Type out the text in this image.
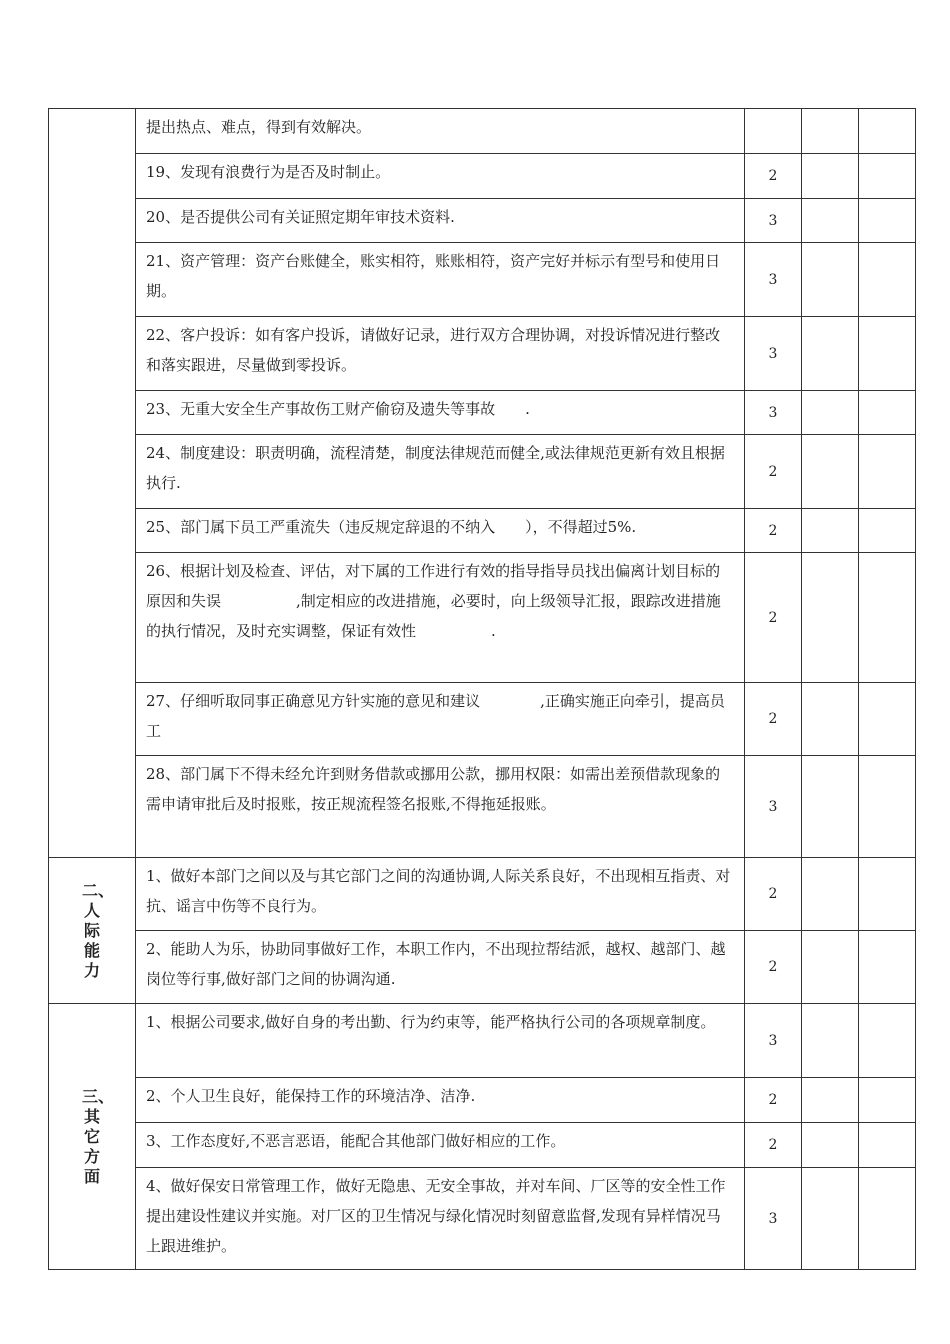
	提出热点、难点，得到有效解决。			
	19、发现有浪费行为是否及时制止。	2		
	20、是否提供公司有关证照定期年审技术资料.	3		
	21、资产管理：资产台账健全，账实相符，账账相符，资产完好并标示有型号和使用日期。	3		
	22、客户投诉：如有客户投诉，请做好记录，进行双方合理协调，对投诉情况进行整改和落实跟进，尽量做到零投诉。	3		
	23、无重大安全生产事故伤工财产偷窃及遗失等事故　　.	3		
	24、制度建设：职责明确，流程清楚，制度法律规范而健全,或法律规范更新有效且根据执行.	2		
	25、部门属下员工严重流失（违反规定辞退的不纳入　　），不得超过5%.	2		
	26、根据计划及检查、评估，对下属的工作进行有效的指导指导员找出偏离计划目标的原因和失误　　　　　,制定相应的改进措施，必要时，向上级领导汇报，跟踪改进措施的执行情况，及时充实调整，保证有效性　　　　　.	2		
	27、仔细听取同事正确意见方针实施的意见和建议　　　　,正确实施正向牵引，提高员工	2		
	28、部门属下不得未经允许到财务借款或挪用公款，挪用权限：如需出差预借款现象的需申请审批后及时报账，按正规流程签名报账,不得拖延报账。	3		
二、人际能力	1、做好本部门之间以及与其它部门之间的沟通协调,人际关系良好，不出现相互指责、对抗、谣言中伤等不良行为。	2		
	2、能助人为乐，协助同事做好工作，本职工作内，不出现拉帮结派，越权、越部门、越岗位等行事,做好部门之间的协调沟通.	2		
三、其它方面	1、根据公司要求,做好自身的考出勤、行为约束等，能严格执行公司的各项规章制度。	3		
	2、个人卫生良好，能保持工作的环境洁净、洁净.	2		
	3、工作态度好,不恶言恶语，能配合其他部门做好相应的工作。	2		
	4、做好保安日常管理工作，做好无隐患、无安全事故，并对车间、厂区等的安全性工作提出建设性建议并实施。对厂区的卫生情况与绿化情况时刻留意监督,发现有异样情况马上跟进维护。	3		
